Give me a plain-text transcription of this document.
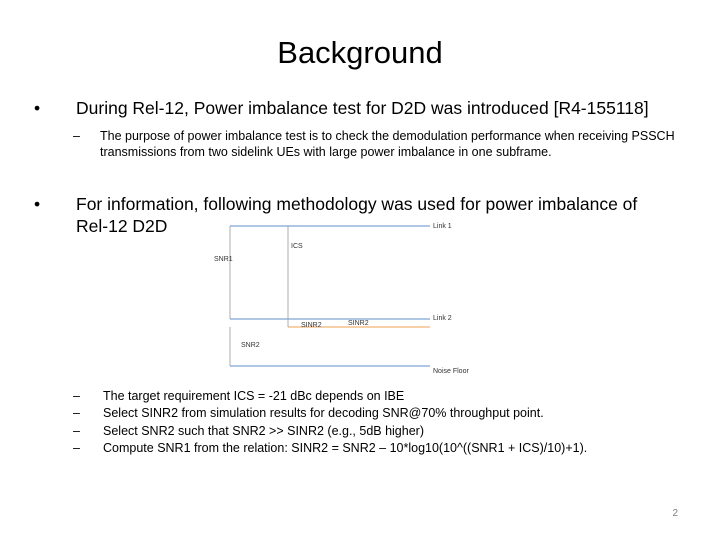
Background
• During Rel-12, Power imbalance test for D2D was introduced [R4-155118]
– The purpose of power imbalance test is to check the demodulation performance when receiving PSSCH transmissions from two sidelink UEs with large power imbalance in one subframe.
• For information, following methodology was used for power imbalance of
Rel-12 D2D	Link 1
ICS
SNR1
Link 2
SINR2	SINR2
SNR2
Noise Floor
– The target requirement ICS = -21 dBc depends on IBE
– Select SINR2 from simulation results for decoding SNR@70% throughput point.
– Select SNR2 such that SNR2 >> SINR2 (e.g., 5dB higher)
– Compute SNR1 from the relation: SINR2 = SNR2 – 10*log10(10^((SNR1 + ICS)/10)+1).
2
